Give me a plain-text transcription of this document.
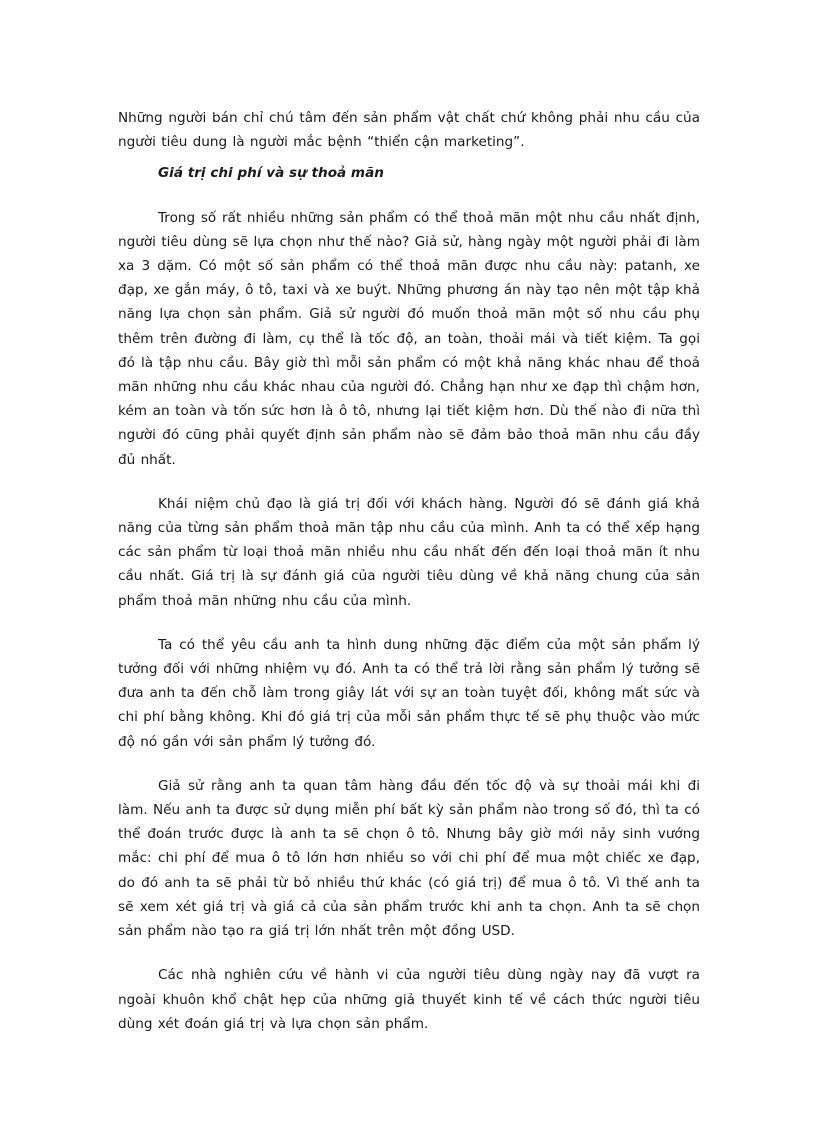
Những người bán chỉ chú tâm đến sản phẩm vật chất chứ không phải nhu cầu của người tiêu dung là người mắc bệnh “thiển cận marketing”.

Giá trị chi phí và sự thoả mãn

Trong số rất nhiều những sản phẩm có thể thoả mãn một nhu cầu nhất định, người tiêu dùng sẽ lựa chọn như thế nào? Giả sử, hàng ngày một người phải đi làm xa 3 dặm. Có một số sản phẩm có thể thoả mãn được nhu cầu này: patanh, xe đạp, xe gắn máy, ô tô, taxi và xe buýt. Những phương án này tạo nên một tập khả năng lựa chọn sản phẩm. Giả sử người đó muốn thoả mãn một số nhu cầu phụ thêm trên đường đi làm, cụ thể là tốc độ, an toàn, thoải mái và tiết kiệm. Ta gọi đó là tập nhu cầu. Bây giờ thì mỗi sản phẩm có một khả năng khác nhau để thoả mãn những nhu cầu khác nhau của người đó. Chẳng hạn như xe đạp thì chậm hơn, kém an toàn và tốn sức hơn là ô tô, nhưng lại tiết kiệm hơn. Dù thế nào đi nữa thì người đó cũng phải quyết định sản phẩm nào sẽ đảm bảo thoả mãn nhu cầu đầy đủ nhất.

Khái niệm chủ đạo là giá trị đối với khách hàng. Người đó sẽ đánh giá khả năng của từng sản phẩm thoả mãn tập nhu cầu của mình. Anh ta có thể xếp hạng các sản phẩm từ loại thoả mãn nhiều nhu cầu nhất đến đến loại thoả mãn ít nhu cầu nhất. Giá trị là sự đánh giá của người tiêu dùng về khả năng chung của sản phẩm thoả mãn những nhu cầu của mình.

Ta có thể yêu cầu anh ta hình dung những đặc điểm của một sản phẩm lý tưởng đối với những nhiệm vụ đó. Anh ta có thể trả lời rằng sản phẩm lý tưởng sẽ đưa anh ta đến chỗ làm trong giây lát với sự an toàn tuyệt đối, không mất sức và chi phí bằng không. Khi đó giá trị của mỗi sản phẩm thực tế sẽ phụ thuộc vào mức độ nó gần với sản phẩm lý tưởng đó.

Giả sử rằng anh ta quan tâm hàng đầu đến tốc độ và sự thoải mái khi đi làm. Nếu anh ta được sử dụng miễn phí bất kỳ sản phẩm nào trong số đó, thì ta có thể đoán trước được là anh ta sẽ chọn ô tô. Nhưng bây giờ mới nảy sinh vướng mắc: chi phí để mua ô tô lớn hơn nhiều so với chi phí để mua một chiếc xe đạp, do đó anh ta sẽ phải từ bỏ nhiều thứ khác (có giá trị) để mua ô tô. Vì thế anh ta sẽ xem xét giá trị và giá cả của sản phẩm trước khi anh ta chọn. Anh ta sẽ chọn sản phẩm nào tạo ra giá trị lớn nhất trên một đồng USD.

Các nhà nghiên cứu về hành vi của người tiêu dùng ngày nay đã vượt ra ngoài khuôn khổ chật hẹp của những giả thuyết kinh tế về cách thức người tiêu dùng xét đoán giá trị và lựa chọn sản phẩm.
